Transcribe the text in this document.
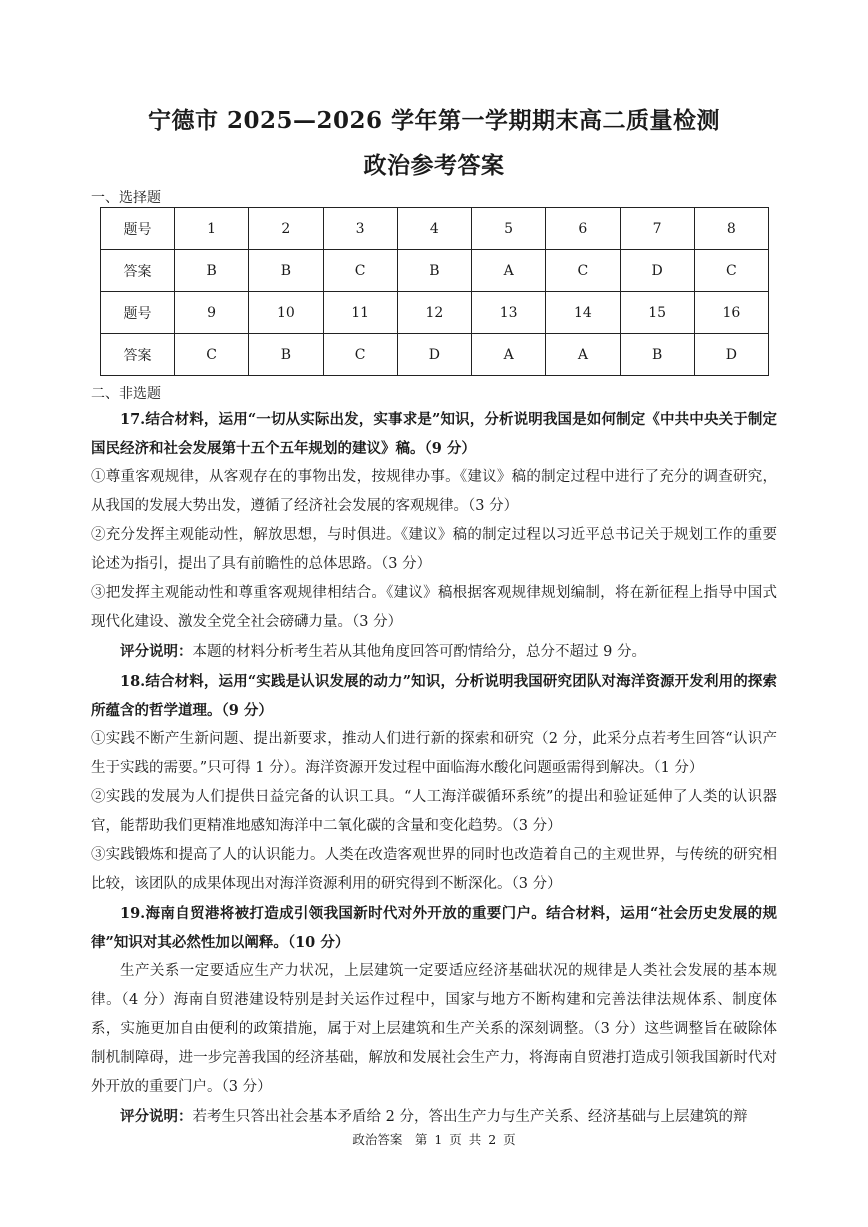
宁德市 2025—2026 学年第一学期期末高二质量检测
政治参考答案
一、选择题
题号	1	2	3	4	5	6	7	8
答案	B	B	C	B	A	C	D	C
题号	9	10	11	12	13	14	15	16
答案	C	B	C	D	A	A	B	D
二、非选题

17.结合材料，运用“一切从实际出发，实事求是”知识，分析说明我国是如何制定《中共中央关于制定国民经济和社会发展第十五个五年规划的建议》稿。（9 分）

①尊重客观规律，从客观存在的事物出发，按规律办事。《建议》稿的制定过程中进行了充分的调查研究，从我国的发展大势出发，遵循了经济社会发展的客观规律。（3 分）

②充分发挥主观能动性，解放思想，与时俱进。《建议》稿的制定过程以习近平总书记关于规划工作的重要论述为指引，提出了具有前瞻性的总体思路。（3 分）

③把发挥主观能动性和尊重客观规律相结合。《建议》稿根据客观规律规划编制，将在新征程上指导中国式现代化建设、激发全党全社会磅礴力量。（3 分）

评分说明：本题的材料分析考生若从其他角度回答可酌情给分，总分不超过 9 分。

18.结合材料，运用“实践是认识发展的动力”知识，分析说明我国研究团队对海洋资源开发利用的探索所蕴含的哲学道理。（9 分）

①实践不断产生新问题、提出新要求，推动人们进行新的探索和研究（2 分，此采分点若考生回答“认识产生于实践的需要。”只可得 1 分）。海洋资源开发过程中面临海水酸化问题亟需得到解决。（1 分）

②实践的发展为人们提供日益完备的认识工具。“人工海洋碳循环系统”的提出和验证延伸了人类的认识器官，能帮助我们更精准地感知海洋中二氧化碳的含量和变化趋势。（3 分）

③实践锻炼和提高了人的认识能力。人类在改造客观世界的同时也改造着自己的主观世界，与传统的研究相比较，该团队的成果体现出对海洋资源利用的研究得到不断深化。（3 分）

19.海南自贸港将被打造成引领我国新时代对外开放的重要门户。结合材料，运用“社会历史发展的规律”知识对其必然性加以阐释。（10 分）

生产关系一定要适应生产力状况，上层建筑一定要适应经济基础状况的规律是人类社会发展的基本规律。（4 分）海南自贸港建设特别是封关运作过程中，国家与地方不断构建和完善法律法规体系、制度体系，实施更加自由便利的政策措施，属于对上层建筑和生产关系的深刻调整。（3 分）这些调整旨在破除体制机制障碍，进一步完善我国的经济基础，解放和发展社会生产力，将海南自贸港打造成引领我国新时代对外开放的重要门户。（3 分）

评分说明：若考生只答出社会基本矛盾给 2 分，答出生产力与生产关系、经济基础与上层建筑的辩

政治答案　第 1 页 共 2 页
